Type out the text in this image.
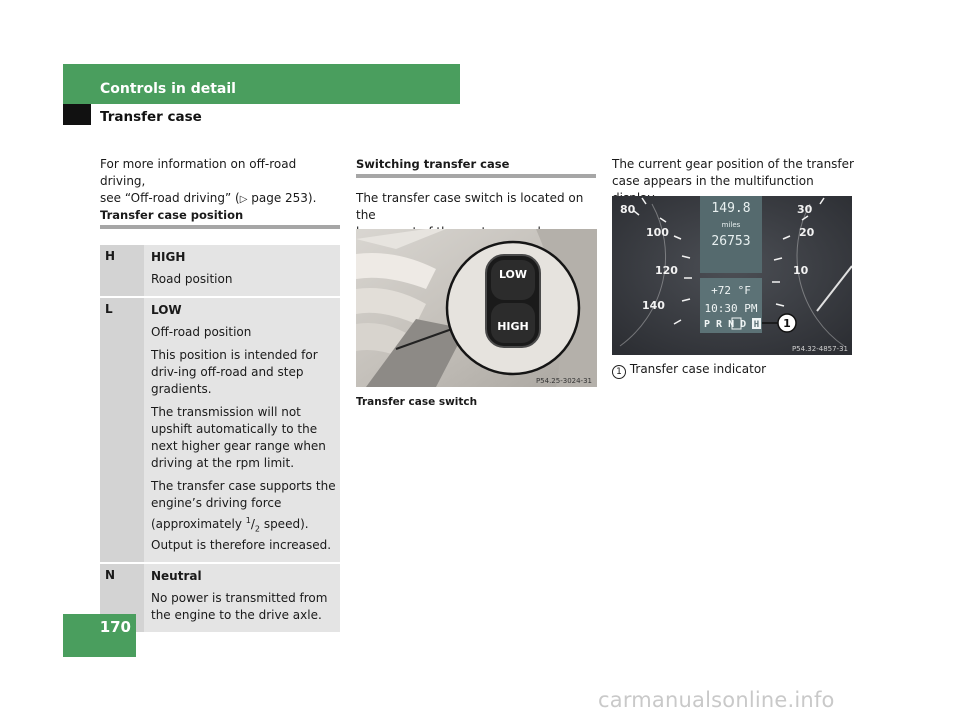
Controls in detail
Transfer case
For more information on off-road driving,
see “Off-road driving” (▷ page 253).
Transfer case position
H	HIGH

Road position

L	LOW

Off-road position

This position is intended for driv-ing off-road and step gradients.

The transmission will not upshift automatically to the next higher gear range when driving at the rpm limit.

The transfer case supports the engine’s driving force (approximately $^1/_2$ speed). Output is therefore increased.

N	Neutral

No power is transmitted from the engine to the drive axle.

Switching transfer case
The transfer case switch is located on the
LOW
HIGH
P54.25-3024-31
Transfer case switch
The current gear position of the transfer
case appears in the multifunction
80
100
120
140
30
20
10
149.8
miles
26753
+72 °F
10:30 PM
P R N D H 1
P54.32-4857-31
1 Transfer case indicator
170
carmanualsonline.info
